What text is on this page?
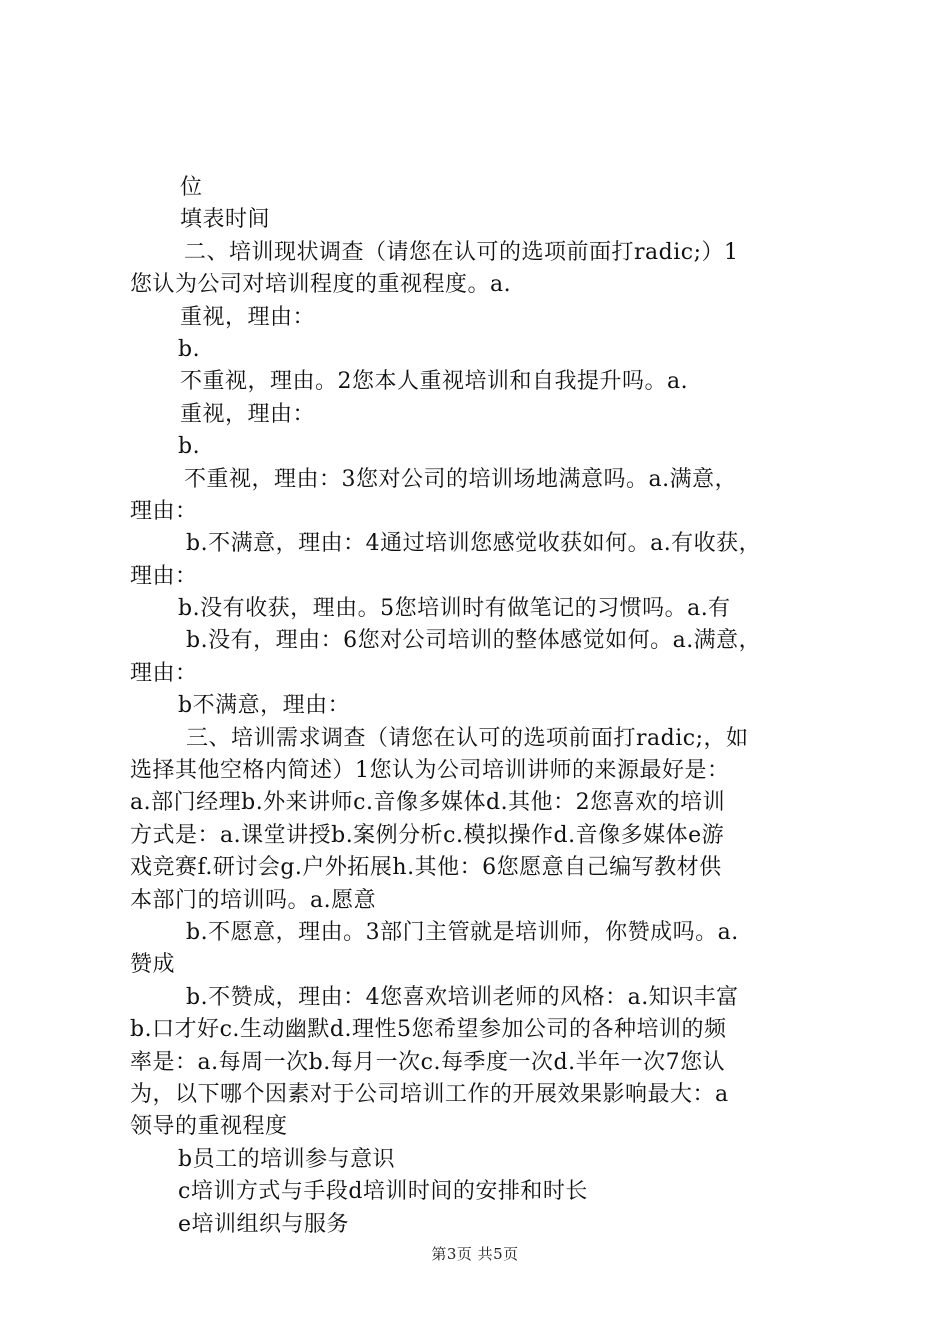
位
填表时间
二、培训现状调查（请您在认可的选项前面打radic;）1
您认为公司对培训程度的重视程度。a.
重视，理由：
b.
不重视，理由。2您本人重视培训和自我提升吗。a.
重视，理由：
b.
不重视，理由：3您对公司的培训场地满意吗。a.满意，
理由：
b.不满意，理由：4通过培训您感觉收获如何。a.有收获，
理由：
b.没有收获，理由。5您培训时有做笔记的习惯吗。a.有
b.没有，理由：6您对公司培训的整体感觉如何。a.满意，
理由：
b不满意，理由：
三、培训需求调查（请您在认可的选项前面打radic;，如
选择其他空格内简述）1您认为公司培训讲师的来源最好是：
a.部门经理b.外来讲师c.音像多媒体d.其他：2您喜欢的培训
方式是：a.课堂讲授b.案例分析c.模拟操作d.音像多媒体e游
戏竞赛f.研讨会g.户外拓展h.其他：6您愿意自己编写教材供
本部门的培训吗。a.愿意
b.不愿意，理由。3部门主管就是培训师，你赞成吗。a.
赞成
b.不赞成，理由：4您喜欢培训老师的风格：a.知识丰富
b.口才好c.生动幽默d.理性5您希望参加公司的各种培训的频
率是：a.每周一次b.每月一次c.每季度一次d.半年一次7您认
为，以下哪个因素对于公司培训工作的开展效果影响最大：a
领导的重视程度
b员工的培训参与意识
c培训方式与手段d培训时间的安排和时长
e培训组织与服务
第3页 共5页
